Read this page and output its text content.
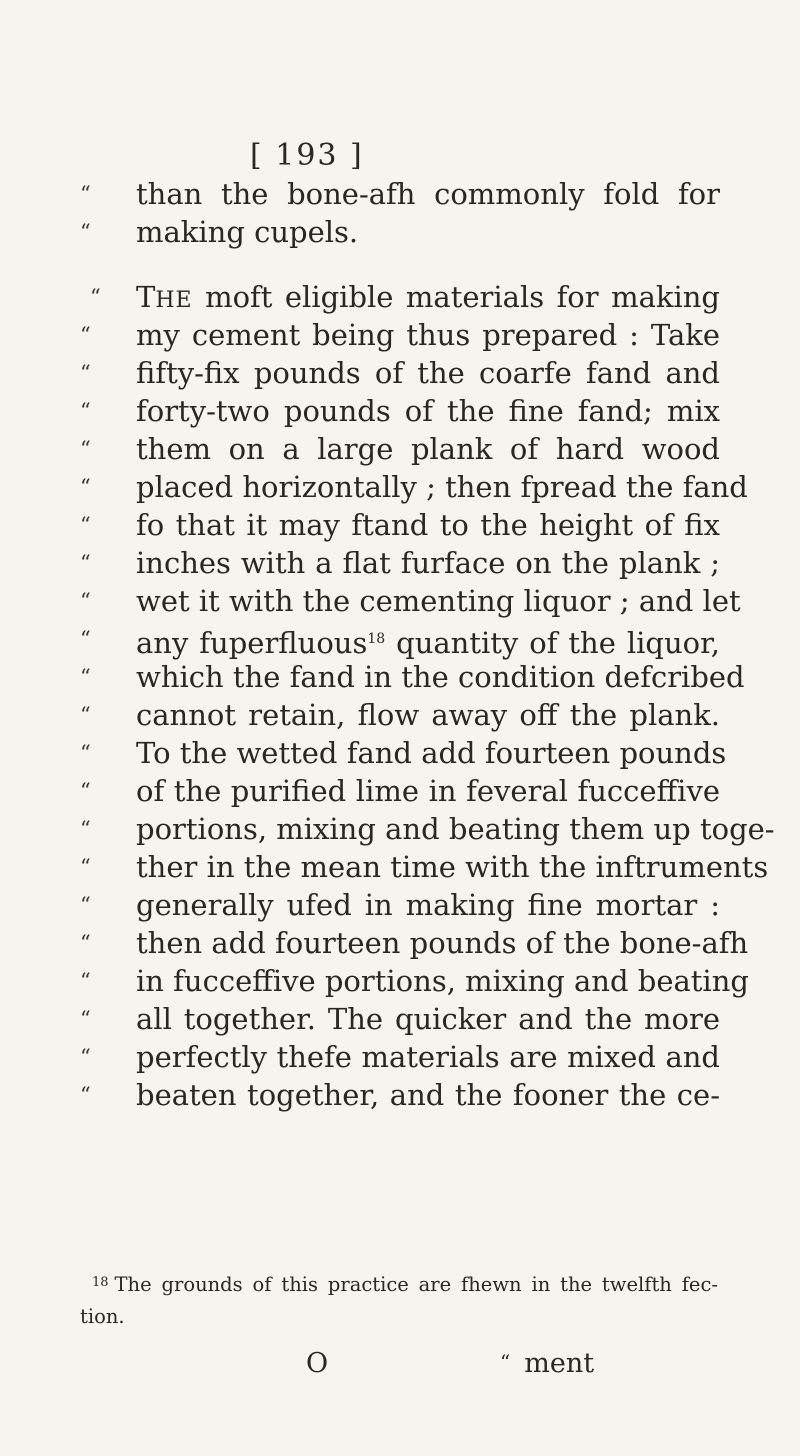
[ 193 ]
“	than the bone-afh commonly fold for
“	making cupels.
“	THE moft eligible materials for making
“	my cement being thus prepared : Take
“	fifty-fix pounds of the coarfe fand and
“	forty-two pounds of the fine fand; mix
“	them on a large plank of hard wood
“	placed horizontally ; then fpread the fand
“	fo that it may ftand to the height of fix
“	inches with a flat furface on the plank ;
“	wet it with the cementing liquor ; and let
“	any fuperfluous$^{18}$ quantity of the liquor,
“	which the fand in the condition defcribed
“	cannot retain, flow away off the plank.
“	To the wetted fand add fourteen pounds
“	of the purified lime in feveral fucceffive
“	portions, mixing and beating them up toge-
“	ther in the mean time with the inftruments
“	generally ufed in making fine mortar :
“	then add fourteen pounds of the bone-afh
“	in fucceffive portions, mixing and beating
“	all together. The quicker and the more
“	perfectly thefe materials are mixed and
“	beaten together, and the fooner the ce-
$^{18}$ The grounds of this practice are fhewn in the twelfth fec-
tion.
O	“ ment
